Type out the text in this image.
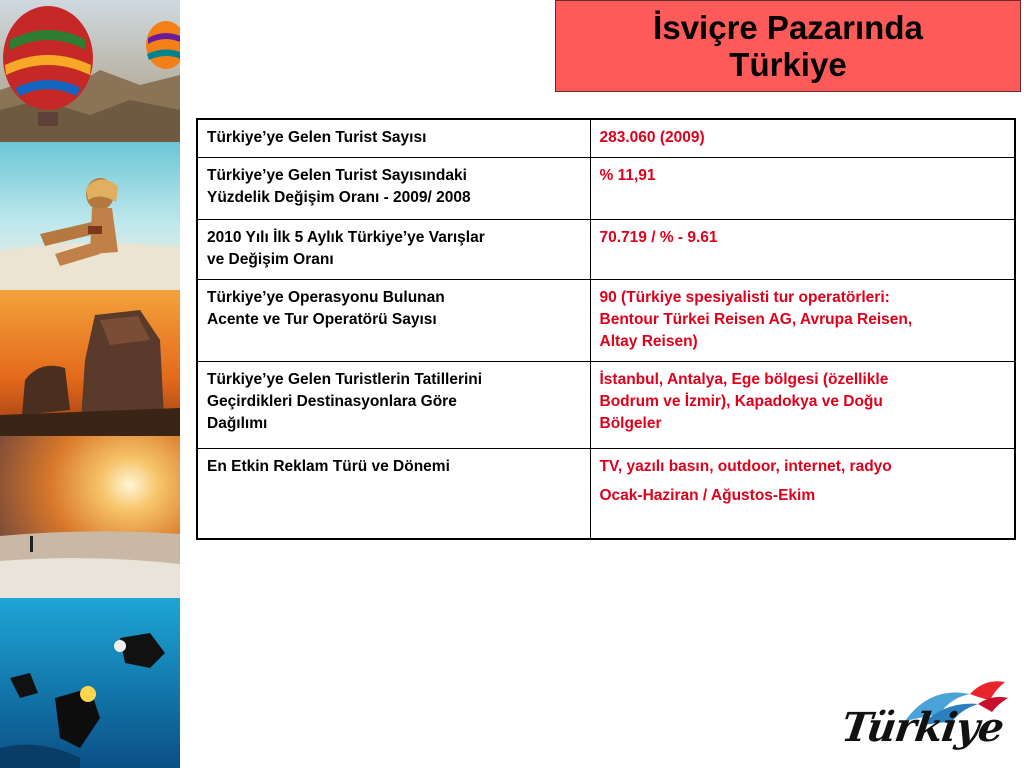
İsviçre Pazarında
Türkiye
Türkiye’ye Gelen Turist Sayısı	283.060 (2009)

Türkiye’ye Gelen Turist Sayısındaki
Yüzdelik Değişim Oranı - 2009/ 2008	% 11,91

2010 Yılı İlk 5 Aylık Türkiye’ye Varışlar
ve Değişim Oranı	70.719 / % - 9.61

Türkiye’ye Operasyonu Bulunan
Acente ve Tur Operatörü Sayısı	90 (Türkiye spesiyalisti tur operatörleri:
Bentour Türkei Reisen AG, Avrupa Reisen,
Altay Reisen)

Türkiye’ye Gelen Turistlerin Tatillerini
Geçirdikleri Destinasyonlara Göre
Dağılımı	İstanbul, Antalya, Ege bölgesi (özellikle
Bodrum ve İzmir), Kapadokya ve Doğu
Bölgeler

En Etkin Reklam Türü ve Dönemi	TV, yazılı basın, outdoor, internet, radyo
Ocak-Haziran / Ağustos-Ekim
Türkiye
